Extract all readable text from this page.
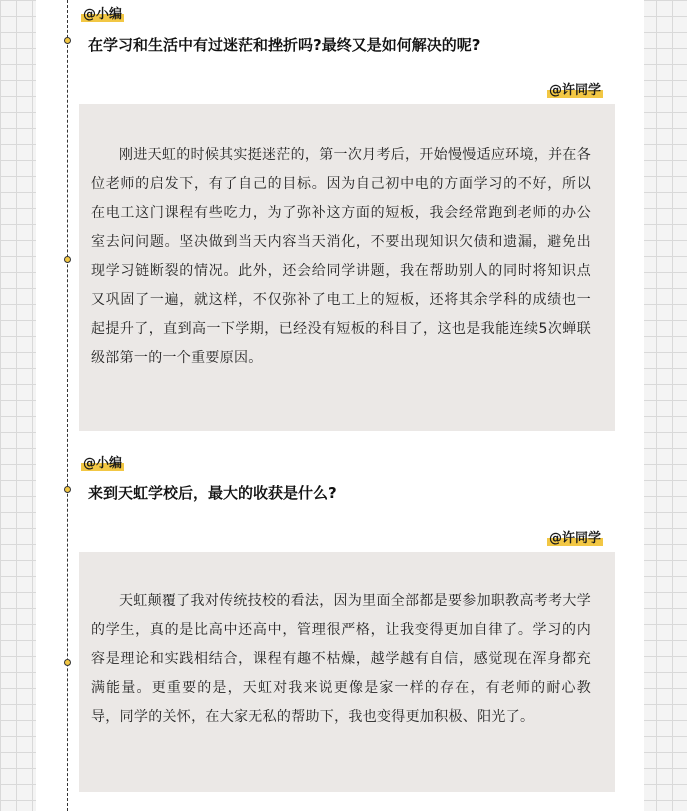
@小编
在学习和生活中有过迷茫和挫折吗?最终又是如何解决的呢?
@许同学

刚进天虹的时候其实挺迷茫的，第一次月考后，开始慢慢适应环境，并在各位老师的启发下，有了自己的目标。因为自己初中电的方面学习的不好，所以在电工这门课程有些吃力，为了弥补这方面的短板，我会经常跑到老师的办公室去问问题。坚决做到当天内容当天消化，不要出现知识欠债和遗漏，避免出现学习链断裂的情况。此外，还会给同学讲题，我在帮助别人的同时将知识点又巩固了一遍，就这样，不仅弥补了电工上的短板，还将其余学科的成绩也一起提升了，直到高一下学期，已经没有短板的科目了，这也是我能连续5次蝉联级部第一的一个重要原因。

@小编
来到天虹学校后，最大的收获是什么?
@许同学

天虹颠覆了我对传统技校的看法，因为里面全部都是要参加职教高考考大学的学生，真的是比高中还高中，管理很严格，让我变得更加自律了。学习的内容是理论和实践相结合，课程有趣不枯燥，越学越有自信，感觉现在浑身都充满能量。更重要的是，天虹对我来说更像是家一样的存在，有老师的耐心教导，同学的关怀，在大家无私的帮助下，我也变得更加积极、阳光了。
